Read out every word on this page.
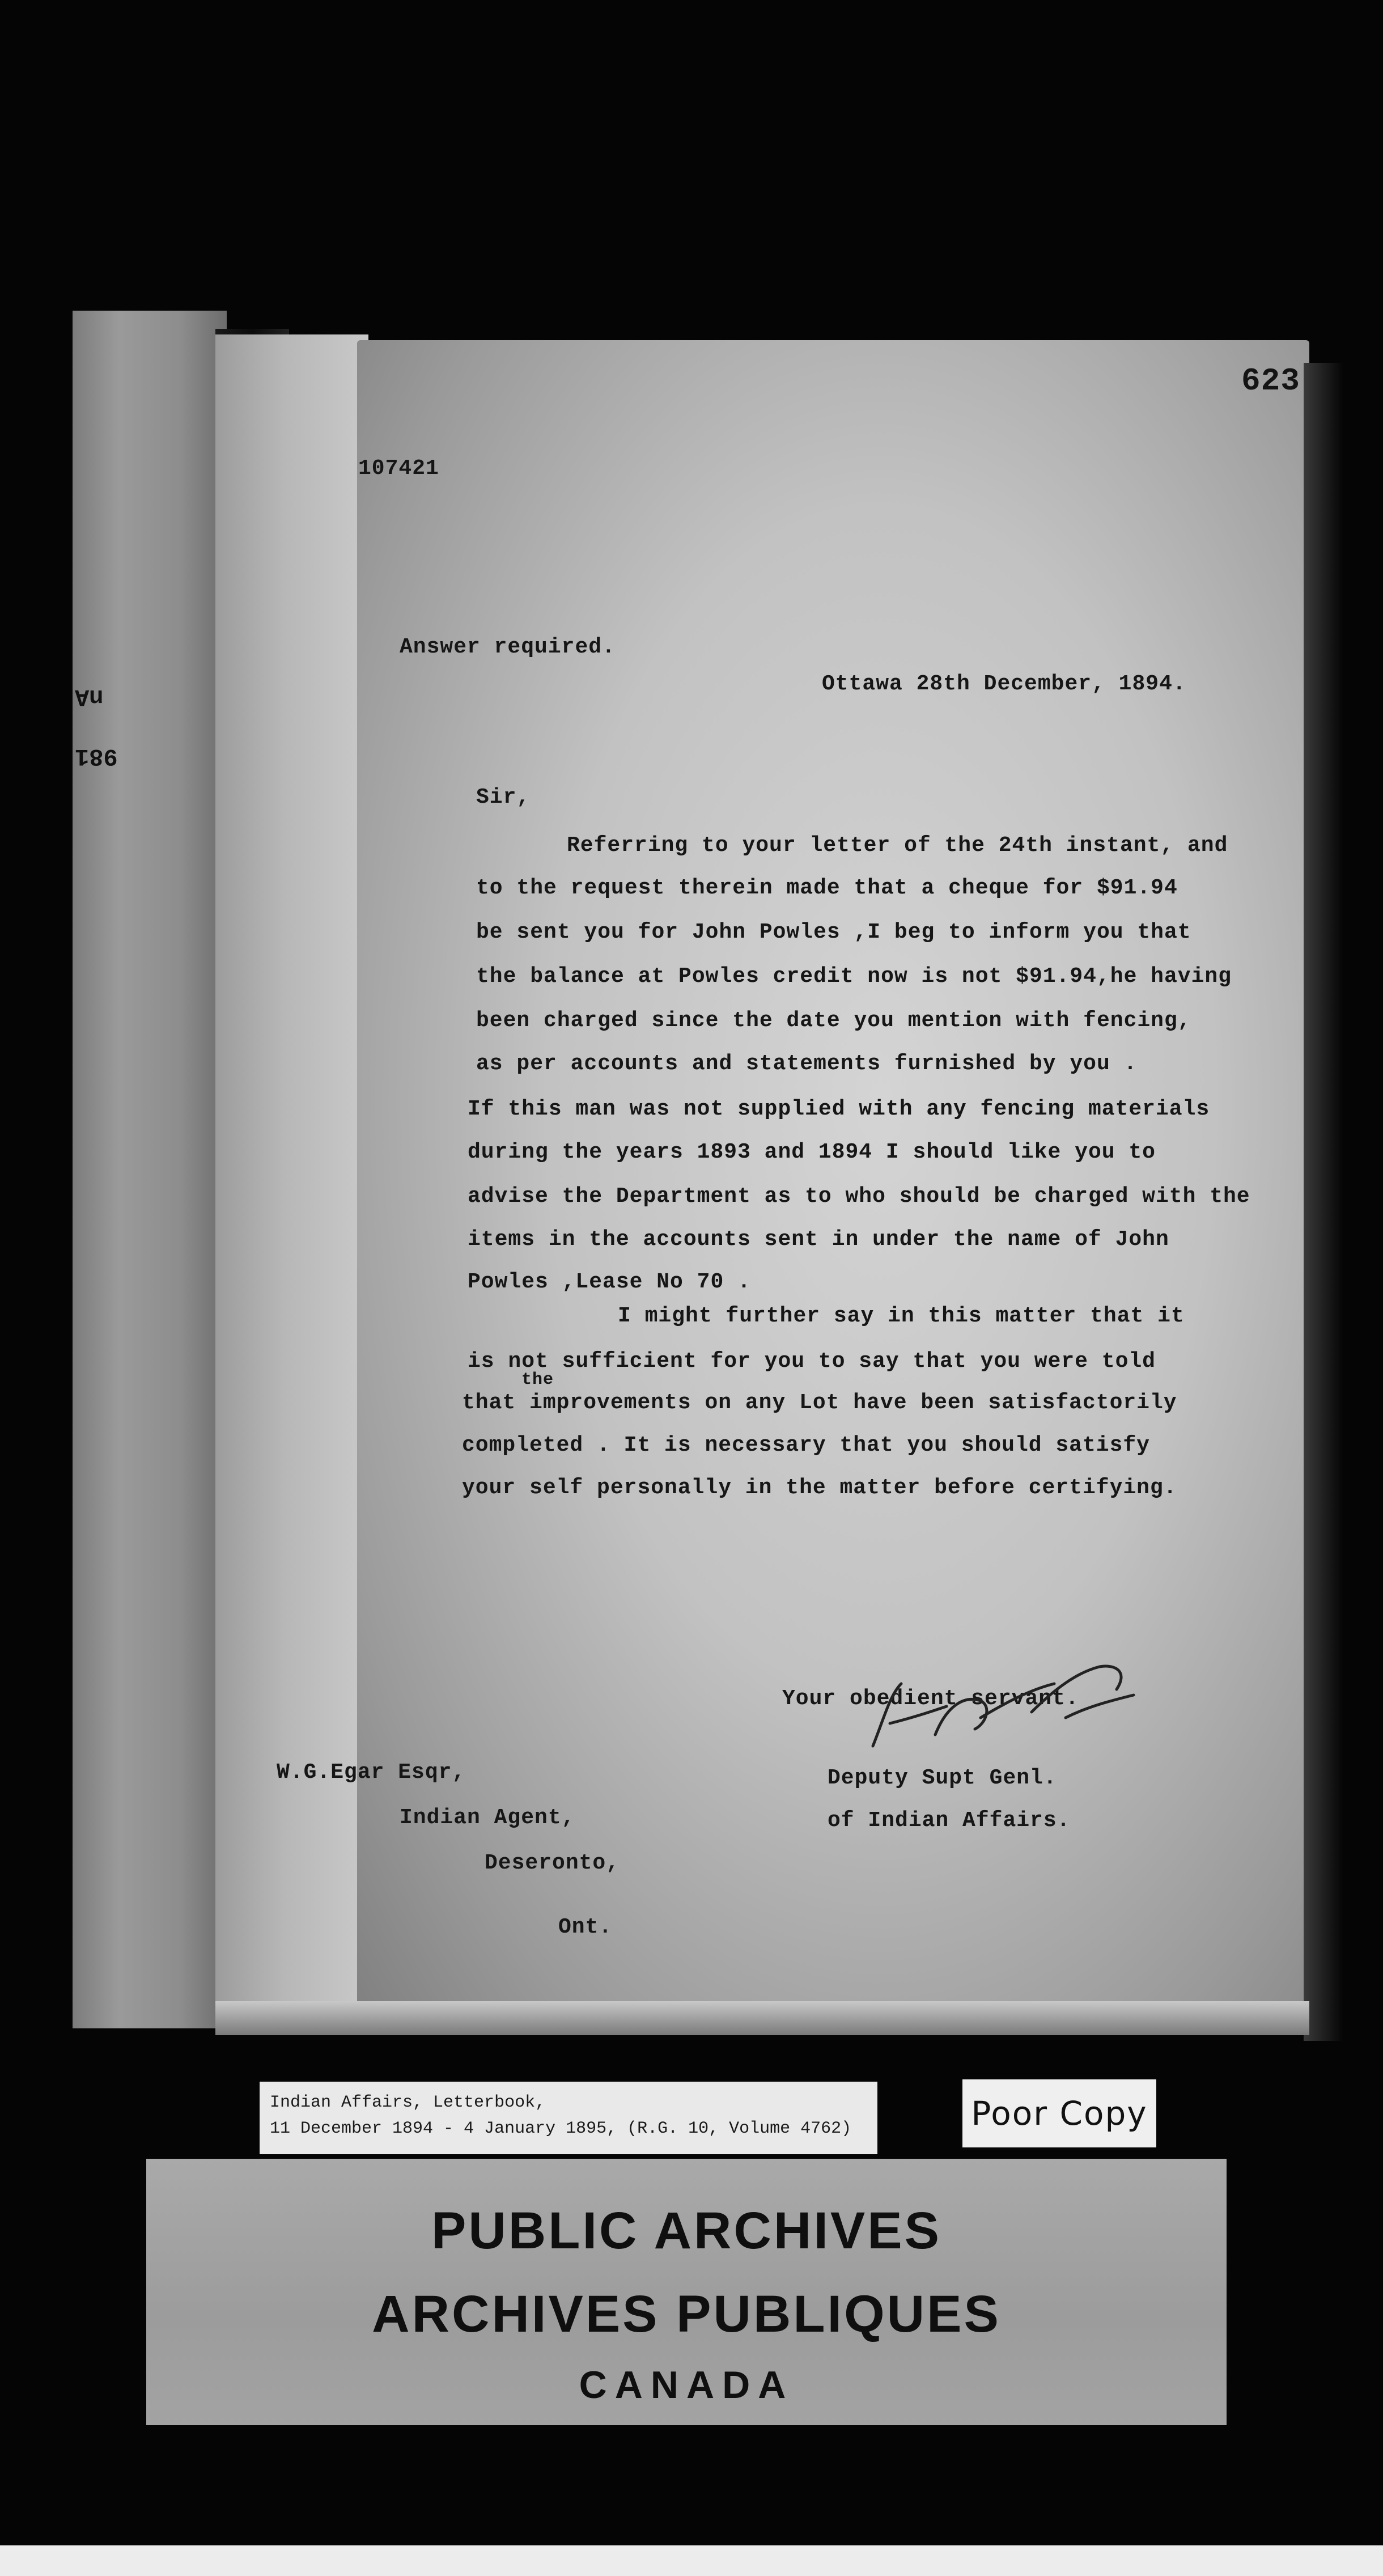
nA
981
623
107421
Answer required.
Ottawa 28th December, 1894.
Sir,
Referring to your letter of the 24th instant, and
to the request therein made that a cheque for $91.94
be sent you for John Powles ,I beg to inform you that
the balance at Powles credit now is not $91.94,he having
been charged since the date you mention with fencing,
as per accounts and statements furnished by you .
If this man was not supplied with any fencing materials
during the years 1893 and 1894 I should like you to
advise the Department as to who should be charged with the
items in the accounts sent in under the name of John
Powles ,Lease No 70 .
I might further say in this matter that it
is not sufficient for you to say that you were told
the
that improvements on any Lot have been satisfactorily
completed . It is necessary that you should satisfy
your self personally in the matter before certifying.
Your obedient servant.
Deputy Supt Genl.
of Indian Affairs.
W.G.Egar Esqr,
Indian Agent,
Deseronto,
Ont.
Indian Affairs, Letterbook,
11 December 1894 - 4 January 1895, (R.G. 10, Volume 4762)	Poor Copy
PUBLIC ARCHIVES
ARCHIVES PUBLIQUES
CANADA
